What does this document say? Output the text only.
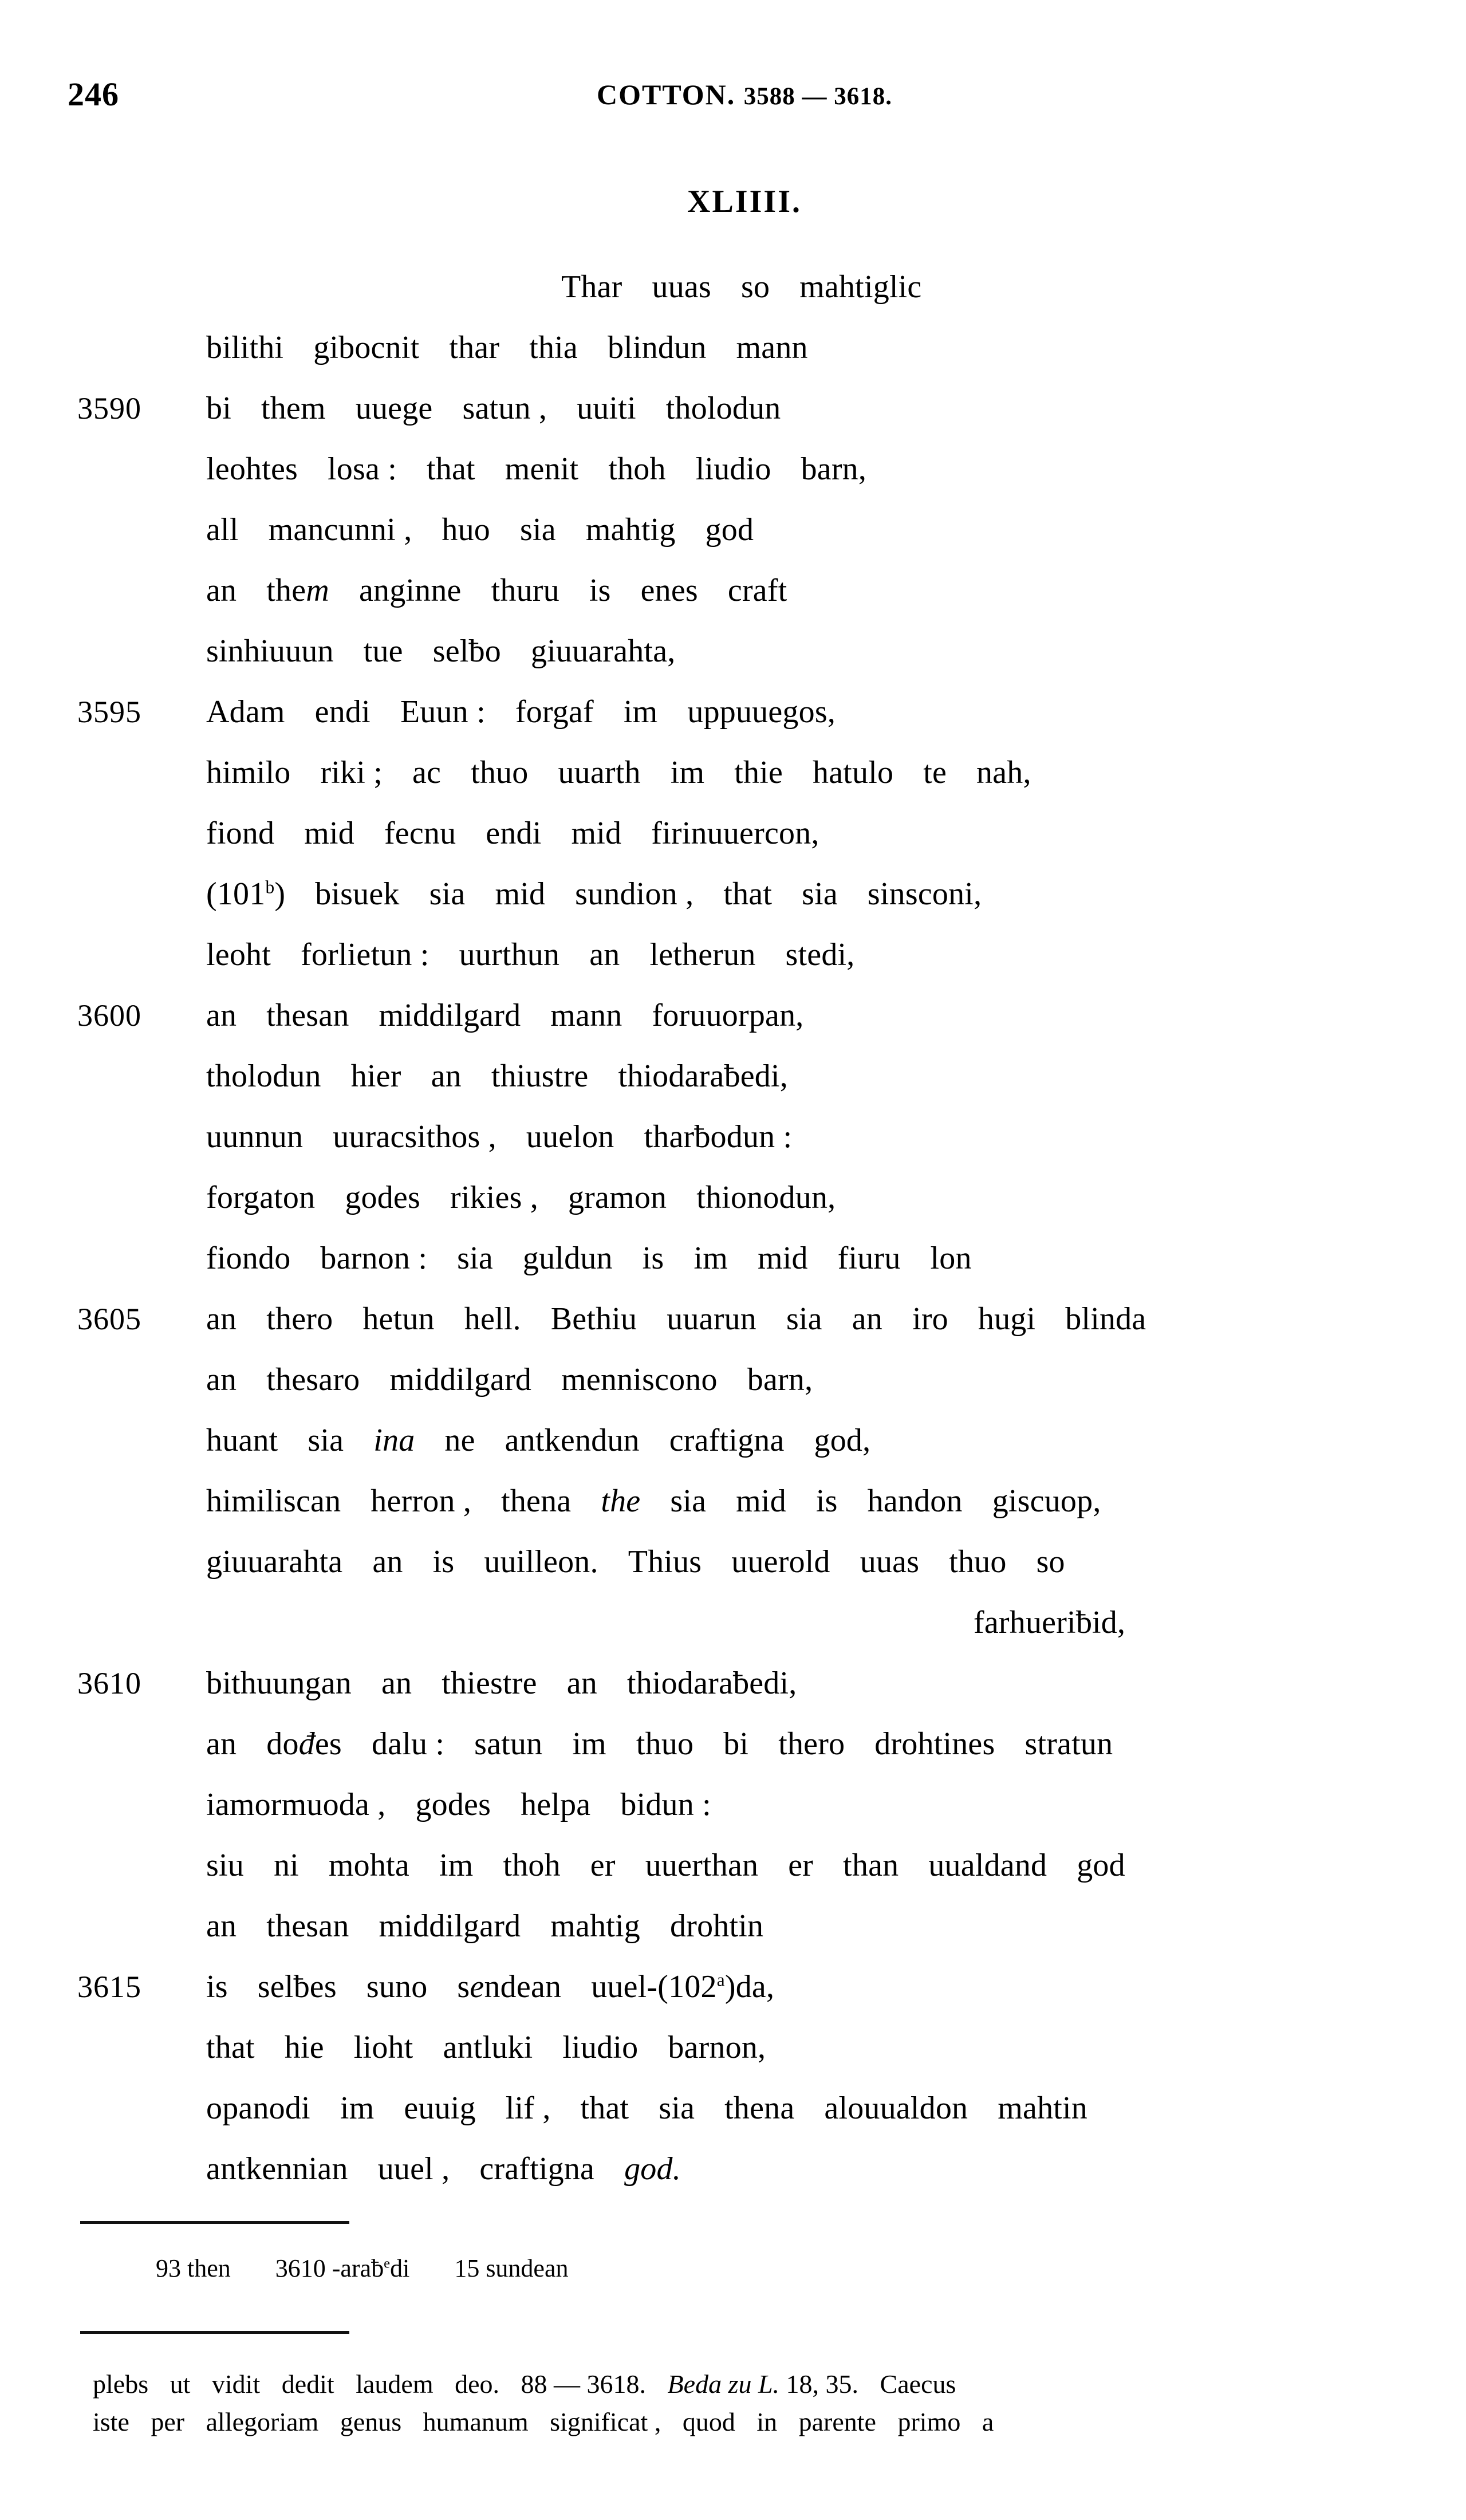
246	COTTON. 3588 — 3618.
XLIIII.
Thar uuas so mahtiglic
bilithi gibocnit thar thia blindun mann
3590	bi them uuege satun , uuiti tholodun
leohtes losa : that menit thoh liudio barn,
all mancunni , huo sia mahtig god
an them anginne thuru is enes craft
sinhiuuun tue selƀo giuuarahta,
3595	Adam endi Euun : forgaf im uppuuegos,
himilo riki ; ac thuo uuarth im thie hatulo te nah,
fiond mid fecnu endi mid firinuuercon,
(101$^b$) bisuek sia mid sundion , that sia sinsconi,
leoht forlietun : uurthun an letherun stedi,
3600	an thesan middilgard mann foruuorpan,
tholodun hier an thiustre thiodaraƀedi,
uunnun uuracsithos , uuelon tharƀodun :
forgaton godes rikies , gramon thionodun,
fiondo barnon : sia guldun is im mid fiuru lon
3605	an thero hetun hell. Bethiu uuarun sia an iro hugi blinda
an thesaro middilgard menniscono barn,
huant sia ina ne antkendun craftigna god,
himiliscan herron , thena the sia mid is handon giscuop,
giuuarahta an is uuilleon. Thius uuerold uuas thuo so
farhueriƀid,
3610	bithuungan an thiestre an thiodaraƀedi,
an dođes dalu : satun im thuo bi thero drohtines stratun
iamormuoda , godes helpa bidun :
siu ni mohta im thoh er uuerthan er than uualdand god
an thesan middilgard mahtig drohtin
3615	is selƀes suno sendean uuel-(102$^a$)da,
that hie lioht antluki liudio barnon,
opanodi im euuig lif , that sia thena alouualdon mahtin
antkennian uuel , craftigna god.
93 then 3610 -araƀ$^e$di 15 sundean
plebs ut vidit dedit laudem deo. 88 — 3618. Beda zu L. 18, 35. Caecus
iste per allegoriam genus humanum significat , quod in parente primo a
